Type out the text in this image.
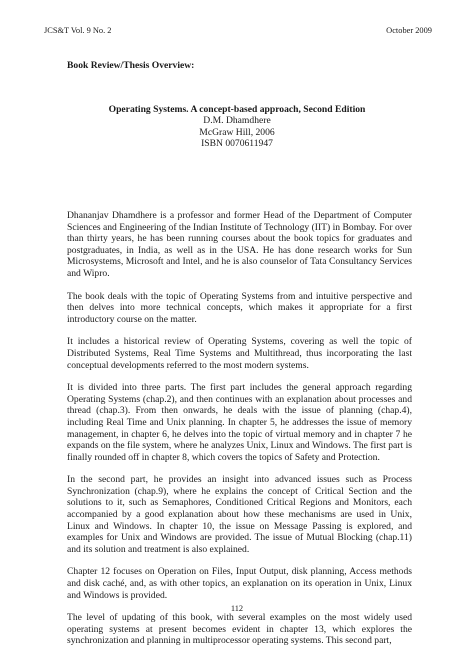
JCS&T Vol. 9 No. 2	October 2009
Book Review/Thesis Overview:
Operating Systems. A concept-based approach, Second Edition
D.M. Dhamdhere
McGraw Hill, 2006
ISBN 0070611947

Dhananjav Dhamdhere is a professor and former Head of the Department of Computer Sciences and Engineering of the Indian Institute of Technology (IIT) in Bombay. For over than thirty years, he has been running courses about the book topics for graduates and postgraduates, in India, as well as in the USA. He has done research works for Sun Microsystems, Microsoft and Intel, and he is also counselor of Tata Consultancy Services and Wipro.

The book deals with the topic of Operating Systems from and intuitive perspective and then delves into more technical concepts, which makes it appropriate for a first introductory course on the matter.

It includes a historical review of Operating Systems, covering as well the topic of Distributed Systems, Real Time Systems and Multithread, thus incorporating the last conceptual developments referred to the most modern systems.

It is divided into three parts. The first part includes the general approach regarding Operating Systems (chap.2), and then continues with an explanation about processes and thread (chap.3). From then onwards, he deals with the issue of planning (chap.4), including Real Time and Unix planning. In chapter 5, he addresses the issue of memory management, in chapter 6, he delves into the topic of virtual memory and in chapter 7 he expands on the file system, where he analyzes Unix, Linux and Windows. The first part is finally rounded off in chapter 8, which covers the topics of Safety and Protection.

In the second part, he provides an insight into advanced issues such as Process Synchronization (chap.9), where he explains the concept of Critical Section and the solutions to it, such as Semaphores, Conditioned Critical Regions and Monitors, each accompanied by a good explanation about how these mechanisms are used in Unix, Linux and Windows. In chapter 10, the issue on Message Passing is explored, and examples for Unix and Windows are provided. The issue of Mutual Blocking (chap.11) and its solution and treatment is also explained.

Chapter 12 focuses on Operation on Files, Input Output, disk planning, Access methods and disk caché, and, as with other topics, an explanation on its operation in Unix, Linux and Windows is provided.

The level of updating of this book, with several examples on the most widely used operating systems at present becomes evident in chapter 13, which explores the synchronization and planning in multiprocessor operating systems. This second part,

112
